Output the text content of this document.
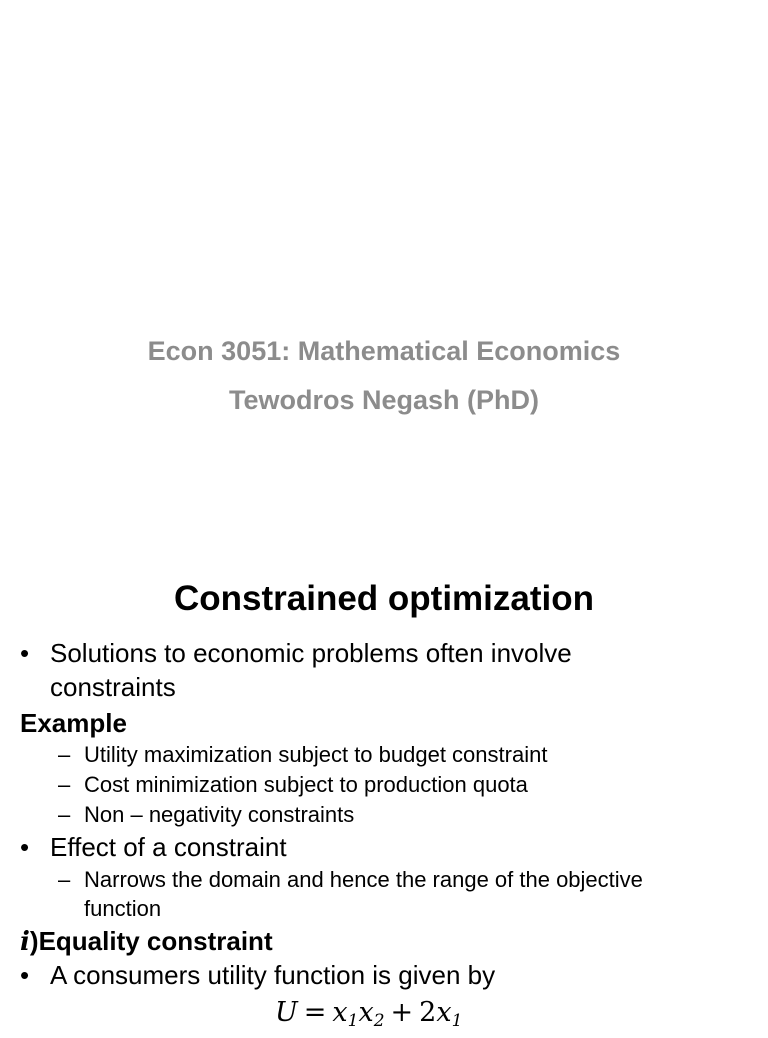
Econ 3051: Mathematical Economics
Tewodros Negash (PhD)
Constrained optimization
• Solutions to economic problems often involve
constraints
Example
– Utility maximization subject to budget constraint
– Cost minimization subject to production quota
– Non – negativity constraints
• Effect of a constraint
– Narrows the domain and hence the range of the objective
function
i)Equality constraint
• A consumers utility function is given by
$U = x_1x_2 + 2x_1$
